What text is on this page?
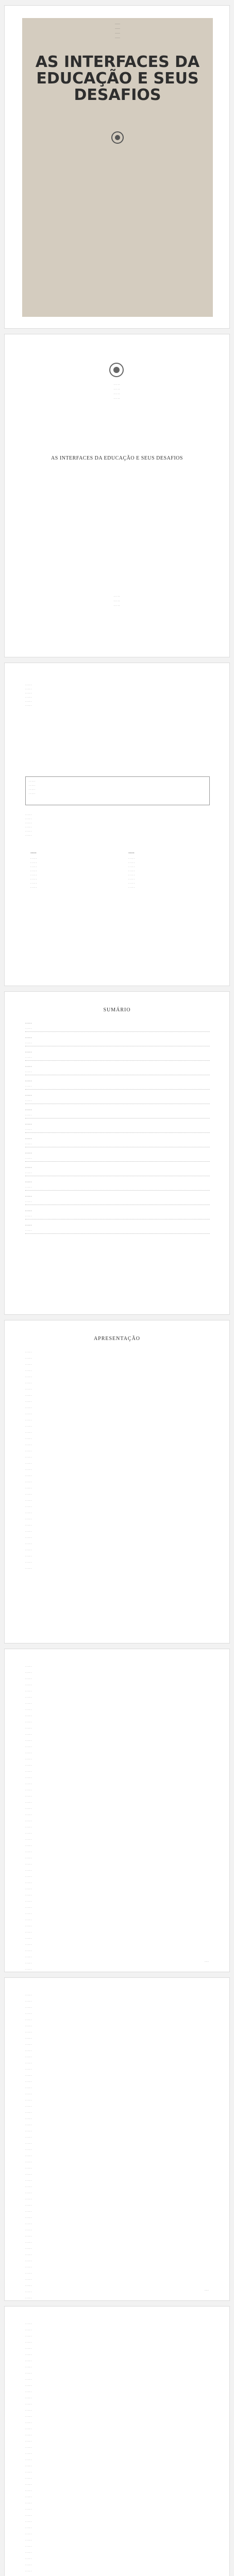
·····
·····
·····
·····
AS INTERFACES DA EDUCAÇÃO E SEUS DESAFIOS
·····
·····
·····
·····
AS INTERFACES DA EDUCAÇÃO E SEUS DESAFIOS
·····
·····
·····
·····
·····
·····
·····
·····
·····
·····
·····
·····
·····
·····
·····
·····
·····
·····
·····
·····
·····
·····
·····
·····
·····
·····
·····
·····
·····
·····
·····
·····
·····
·····
·····
·····
·····
SUMÁRIO
·····
·····
·····
·····
·····
·····
·····
·····
·····
·····
·····
·····
·····
·····
·····
·····
·····
·····
·····
·····
·····
·····
·····
·····
·····
·····
·····
·····
·····
·····
APRESENTAÇÃO
·····
·····
·····
·····
·····
·····
·····
·····
·····
·····
·····
·····
·····
·····
·····
·····
·····
·····
·····
·····
·····
·····
·····
·····
·····
·····
·····
·····
·····
·····
·····
·····
·····
·····
·····
·····
·····
·····
·····
·····
·····
·····
·····
·····
·····
·····
·····
·····
·····
·····
·····
·····
·····
·····
·····
·····
·····
·····
·····
·····
·····
·····
·····
·····
·····
·····
·····
·····
·····
·····
·····
·····
·····
·····
·····
·····
·····
·····
·····
·····
·····
·····
·····
·····
·····
·····
·····
·····
·····
·····
·····
·····
·····
·····
·····
·····
·····
·····
·····
·····
·····
·····
·····
·····
·····
·····
·····
·····
·····
·····
·····
·····
·····
·····
·····
·····
·····
·····
·····
·····
·····
·····
·····
·····
·····
·····
·····
·····
·····
·····
·····
·····
·····
·····
·····
·····
·····
·····
·····
·····
·····
·····
·····
·····
·····
·····
·····
·····
·····
·····
·····
·····
·····
·····
·····
·····
·····
·····
·····
·····
·····
·····
·····
·····
·····
·····
·····
·····
·····
·····
·····
·····
·····
·····
·····
·····
·····
·····
·····
